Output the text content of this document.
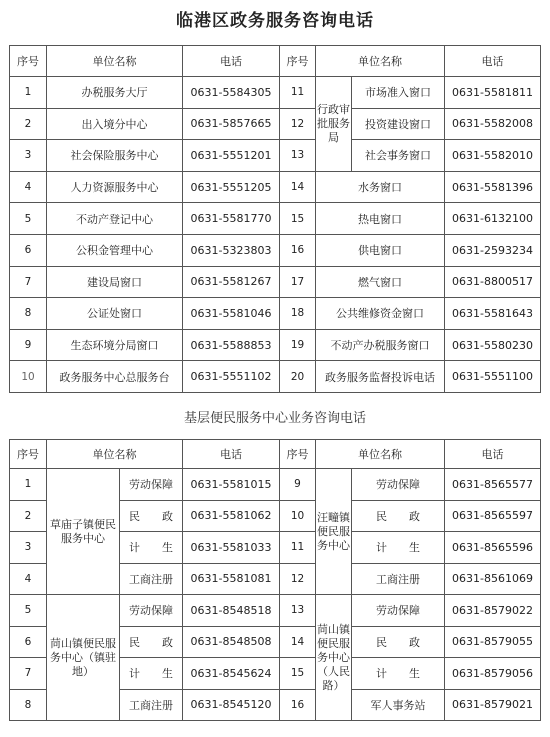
临港区政务服务咨询电话
序号	单位名称	电话	序号	单位名称		电话
1	办税服务大厅	0631-5584305	11	行政审批服务局	市场准入窗口	0631-5581811
2	出入境分中心	0631-5857665	12		投资建设窗口	0631-5582008
3	社会保险服务中心	0631-5551201	13		社会事务窗口	0631-5582010
4	人力资源服务中心	0631-5551205	14	水务窗口		0631-5581396
5	不动产登记中心	0631-5581770	15	热电窗口		0631-6132100
6	公积金管理中心	0631-5323803	16	供电窗口		0631-2593234
7	建设局窗口	0631-5581267	17	燃气窗口		0631-8800517
8	公证处窗口	0631-5581046	18	公共维修资金窗口		0631-5581643
9	生态环境分局窗口	0631-5588853	19	不动产办税服务窗口		0631-5580230
10	政务服务中心总服务台	0631-5551102	20	政务服务监督投诉电话		0631-5551100
基层便民服务中心业务咨询电话
序号	单位名称		电话	序号	单位名称		电话
1	草庙子镇便民服务中心	劳动保障	0631-5581015	9	汪疃镇便民服务中心	劳动保障	0631-8565577
2		民　　政	0631-5581062	10		民　　政	0631-8565597
3		计　　生	0631-5581033	11		计　　生	0631-8565596
4		工商注册	0631-5581081	12		工商注册	0631-8561069
5	苘山镇便民服务中心（镇驻地）	劳动保障	0631-8548518	13	苘山镇便民服务中心（人民路）	劳动保障	0631-8579022
6		民　　政	0631-8548508	14		民　　政	0631-8579055
7		计　　生	0631-8545624	15		计　　生	0631-8579056
8		工商注册	0631-8545120	16		军人事务站	0631-8579021
